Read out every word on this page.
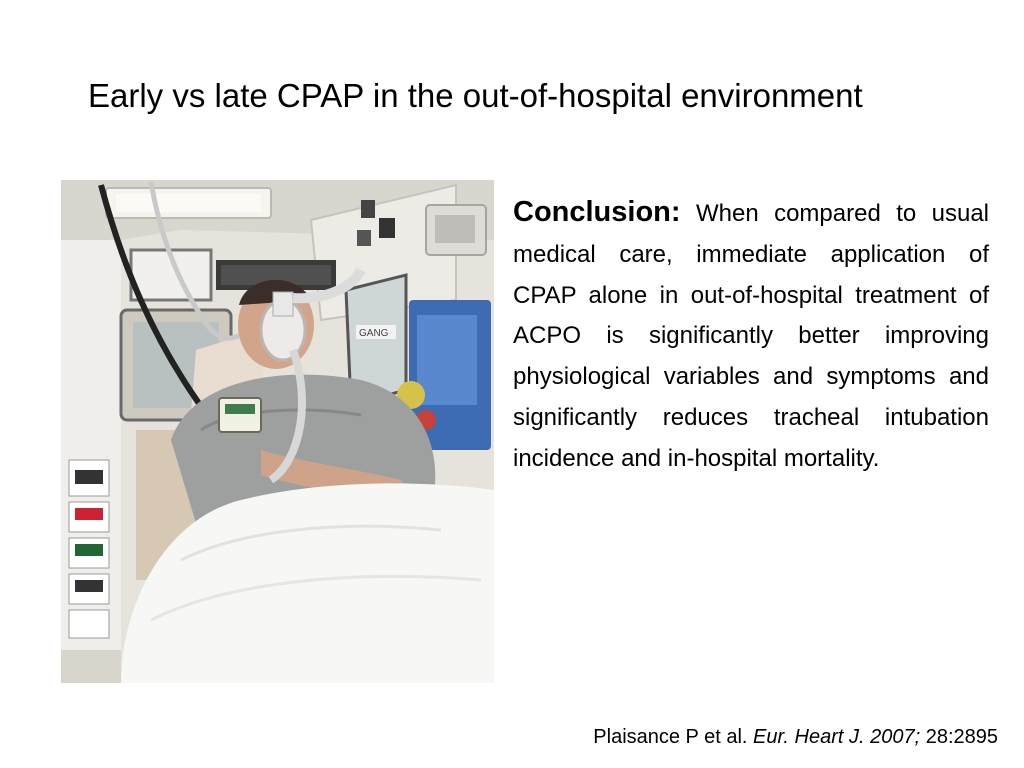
Early vs late CPAP in the out-of-hospital environment
GANG
Conclusion: When compared to usual medical care, immediate application of CPAP alone in out-of-hospital treatment of ACPO is significantly better improving physiological variables and symptoms and significantly reduces tracheal intubation incidence and in-hospital mortality.
Plaisance P et al. Eur. Heart J. 2007; 28:2895
